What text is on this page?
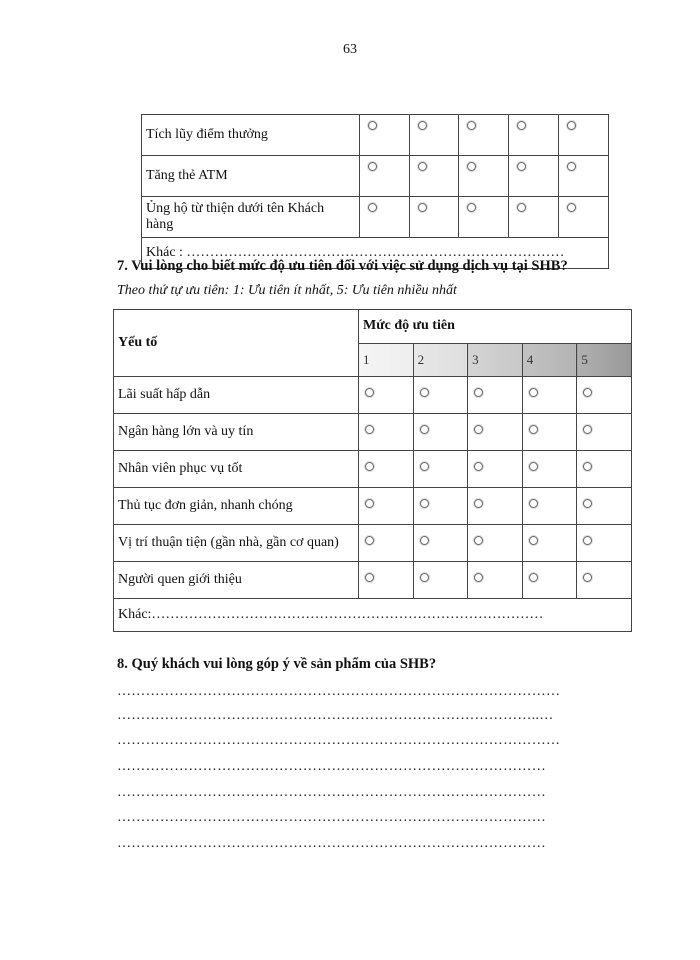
63
Tích lũy điểm thưởng					
Tăng thẻ ATM					
Ủng hộ từ thiện dưới tên Khách hàng					
Khác : ………………………………………………………………………					
7. Vui lòng cho biết mức độ ưu tiên đối với việc sử dụng dịch vụ tại SHB?
Theo thứ tự ưu tiên: 1: Ưu tiên ít nhất, 5: Ưu tiên nhiều nhất
Yếu tố	Mức độ ưu tiên				
	1	2	3	4	5
Lãi suất hấp dẫn					
Ngân hàng lớn và uy tín					
Nhân viên phục vụ tốt					
Thủ tục đơn giản, nhanh chóng					
Vị trí thuận tiện (gần nhà, gần cơ quan)					
Người quen giới thiệu					
Khác:…………………………………………………………………………					
8. Quý khách vui lòng góp ý về sản phẩm của SHB?
…………………………………………………………………………………
……………………………………………………………………………..…
…………………………………………………………………………………
………………………………………………………………………………
………………………………………………………………………………
………………………………………………………………………………
………………………………………………………………………………
